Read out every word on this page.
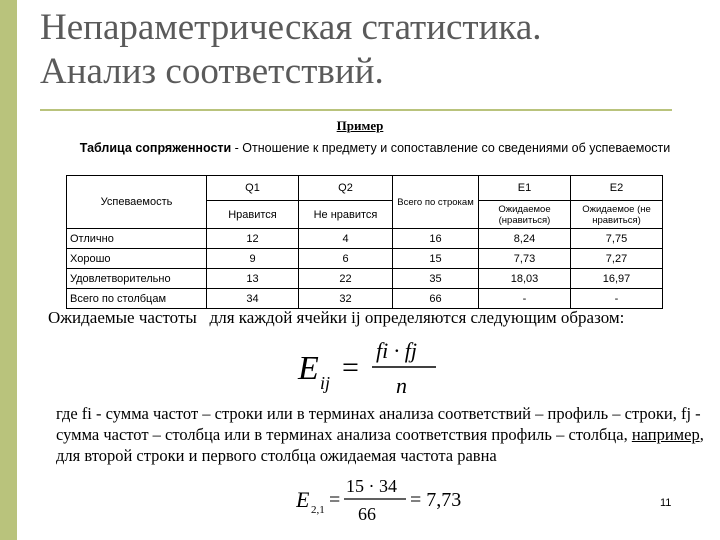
Непараметрическая статистика.
Анализ соответствий.
Пример
Таблица сопряженности - Отношение к предмету и сопоставление со сведениями об успеваемости
Успеваемость	Q1	Q2	Всего по строкам	E1	E2
	Нравится	Не нравится		Ожидаемое (нравиться)	Ожидаемое (не нравиться)
Отлично	12	4	16	8,24	7,75
Хорошо	9	6	15	7,73	7,27
Удовлетворительно	13	22	35	18,03	16,97
Всего по столбцам	34	32	66	-	-
Ожидаемые частоты   для каждой ячейки ij определяются следующим образом:
E ij =
fi · fj
n
где fi - сумма частот – строки или в терминах анализа соответствий – профиль – строки, fj - сумма частот – столбца или в терминах анализа соответствия профиль – столбца, например, для второй строки и первого столбца ожидаемая частота равна
E 2,1 =
15 · 34
66
= 7,73	11
